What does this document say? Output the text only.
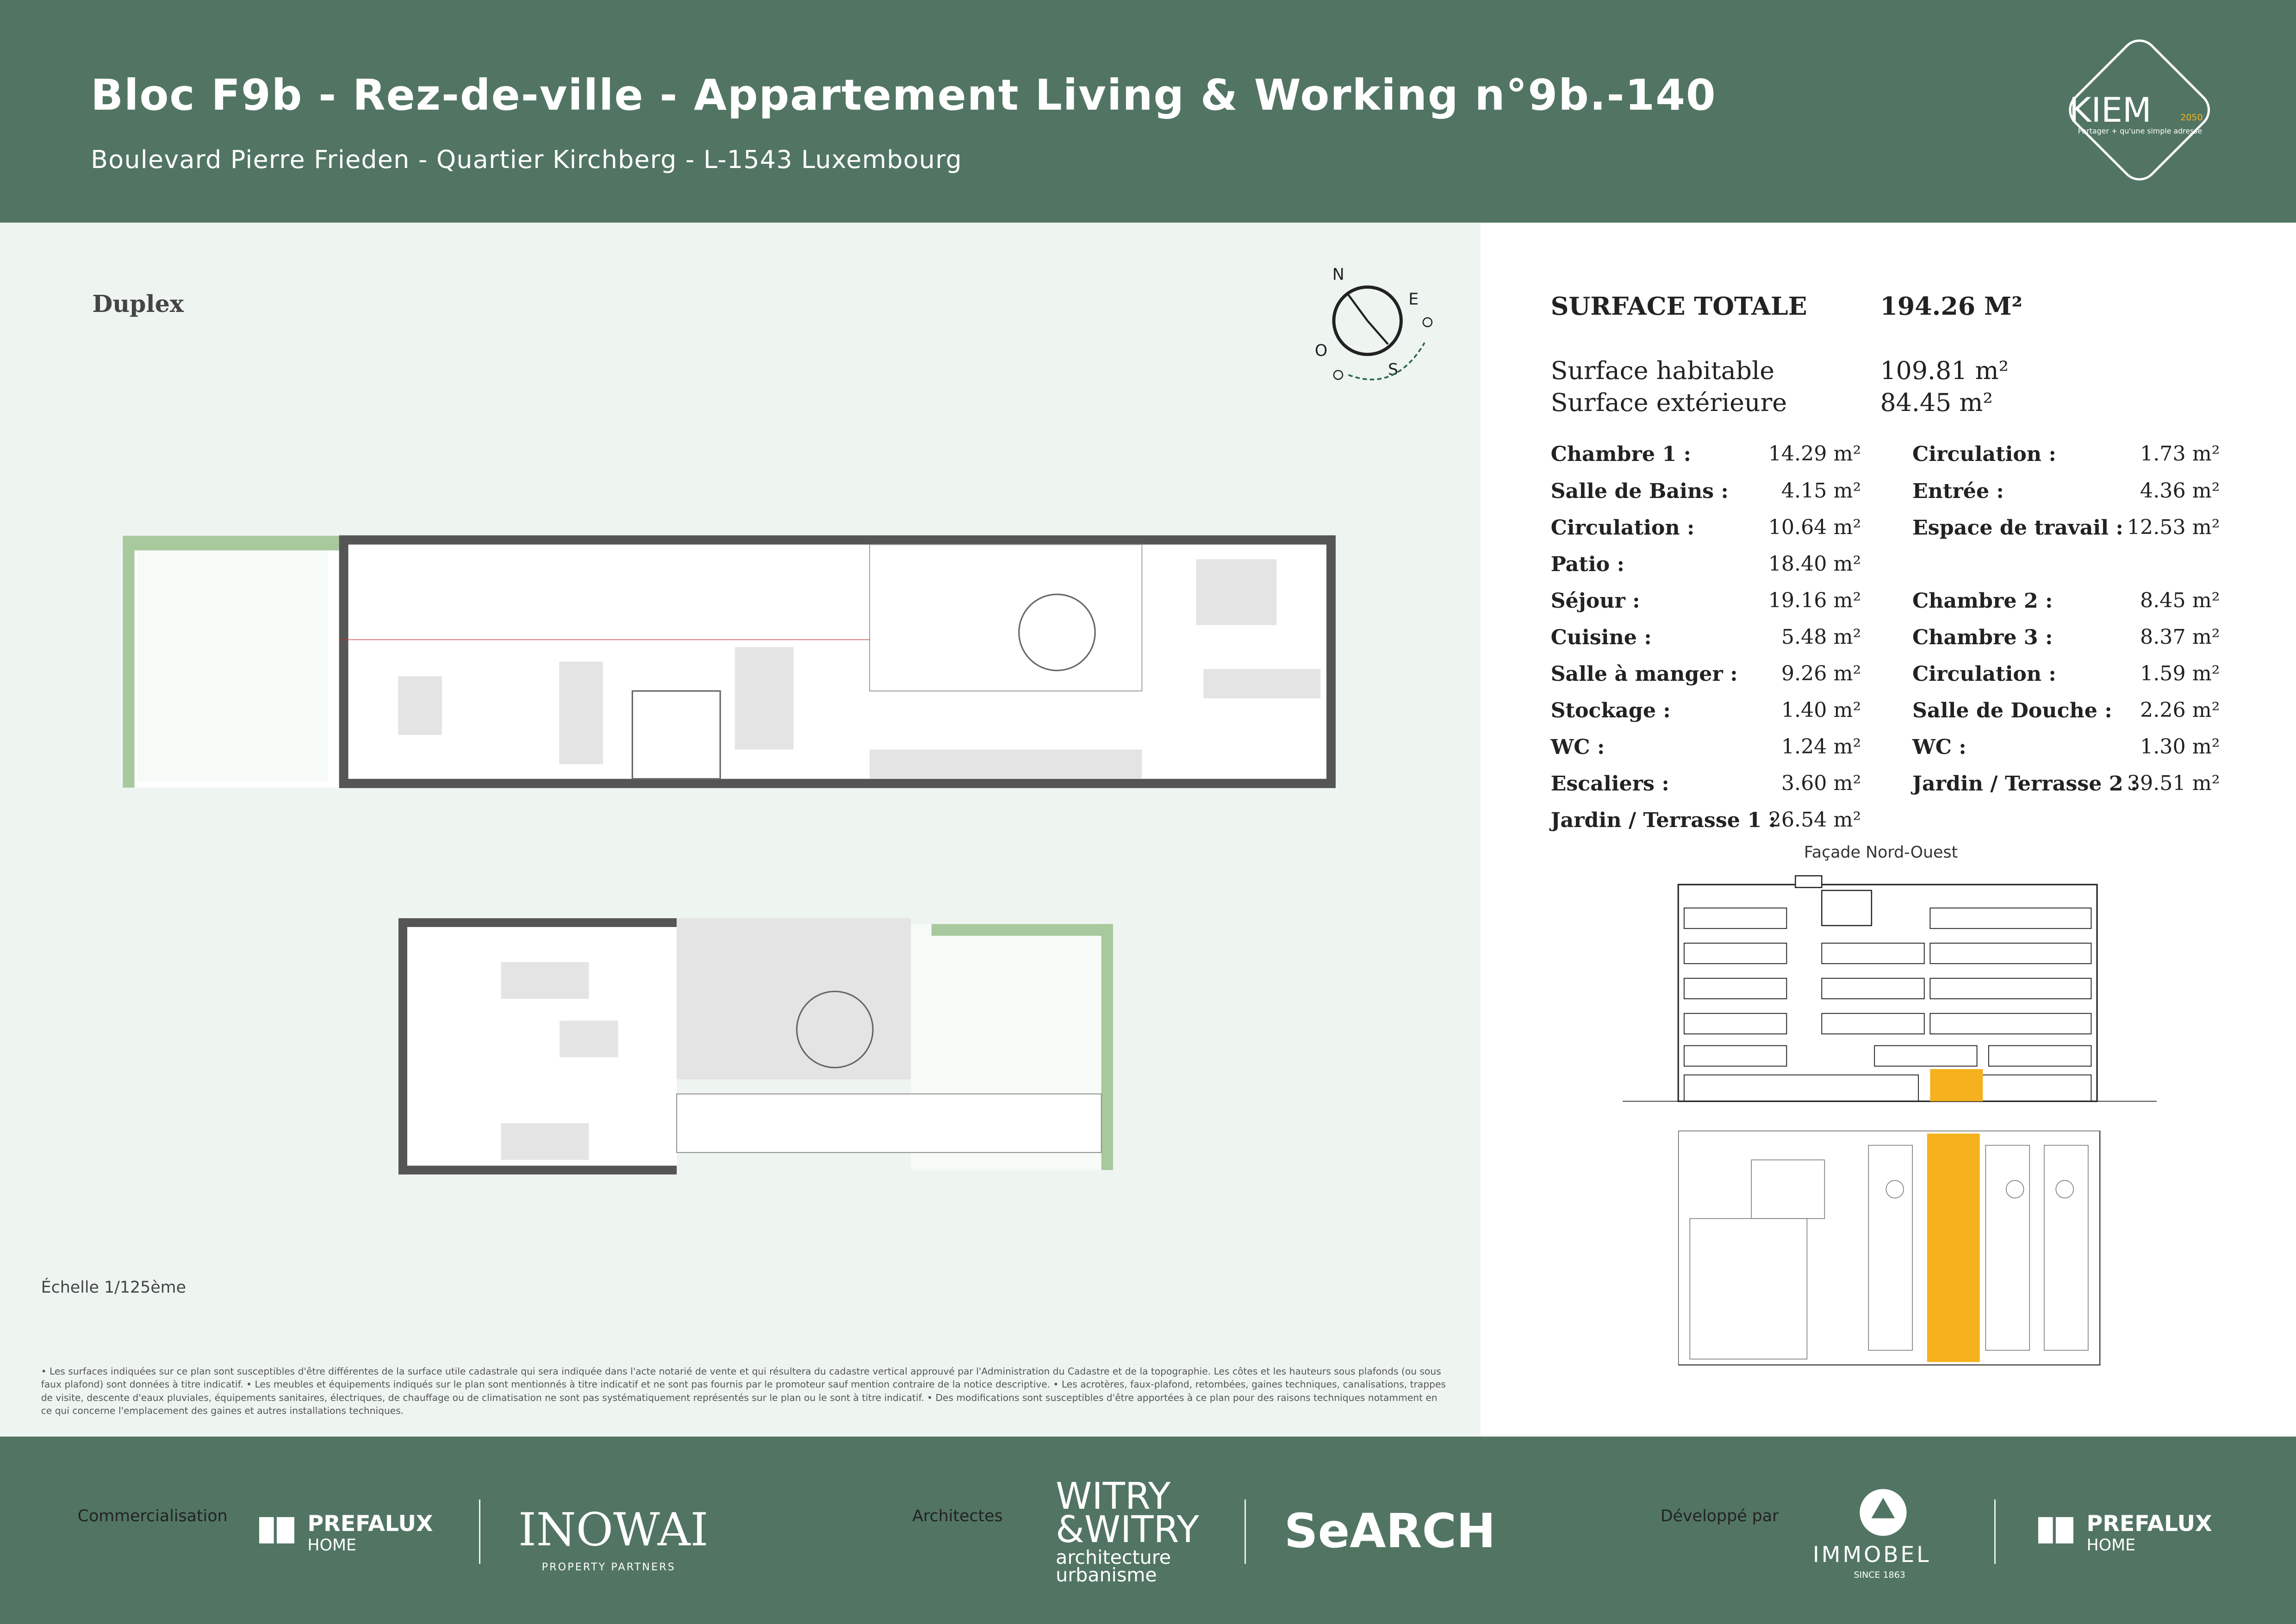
Bloc F9b - Rez-de-ville - Appartement Living & Working n°9b.-140
Boulevard Pierre Frieden - Quartier Kirchberg - L-1543 Luxembourg
KIEM	2050
Partager + qu'une simple adresse
Duplex
N
E
S
O
Échelle 1/125ème
• Les surfaces indiquées sur ce plan sont susceptibles d'être différentes de la surface utile cadastrale qui sera indiquée dans l'acte notarié de vente et qui résultera du cadastre vertical approuvé par l'Administration du Cadastre et de la topographie. Les côtes et les hauteurs sous plafonds (ou sous faux plafond) sont données à titre indicatif. • Les meubles et équipements indiqués sur le plan sont mentionnés à titre indicatif et ne sont pas fournis par le promoteur sauf mention contraire de la notice descriptive. • Les acrotères, faux-plafond, retombées, gaines techniques, canalisations, trappes de visite, descente d'eaux pluviales, équipements sanitaires, électriques, de chauffage ou de climatisation ne sont pas systématiquement représentés sur le plan ou le sont à titre indicatif. • Des modifications sont susceptibles d'être apportées à ce plan pour des raisons techniques notamment en ce qui concerne l'emplacement des gaines et autres installations techniques.
SURFACE TOTALE	194.26 M²
Surface habitable	109.81 m²
Surface extérieure	84.45 m²
Chambre 1 :	14.29 m²
Salle de Bains :	4.15 m²
Circulation :	10.64 m²
Patio :	18.40 m²
Séjour :	19.16 m²
Cuisine :	5.48 m²
Salle à manger :	9.26 m²
Stockage :	1.40 m²
WC :	1.24 m²
Escaliers :	3.60 m²
Jardin / Terrasse 1 :
26.54 m²
Circulation :	1.73 m²
Entrée :	4.36 m²
Espace de travail : 12.53 m²
Chambre 2 :	8.45 m²
Chambre 3 :	8.37 m²
Circulation :	1.59 m²
Salle de Douche :	2.26 m²
WC :	1.30 m²
Jardin / Terrasse 2 :
39.51 m²
Façade Nord-Ouest
Commercialisation	PREFALUX
HOME	INOWAI
PROPERTY PARTNERS
Architectes	WITRY
&WITRY
architecture
urbanisme
SeARCH	Développé par
IMMOBEL
SINCE 1863
PREFALUX
HOME
